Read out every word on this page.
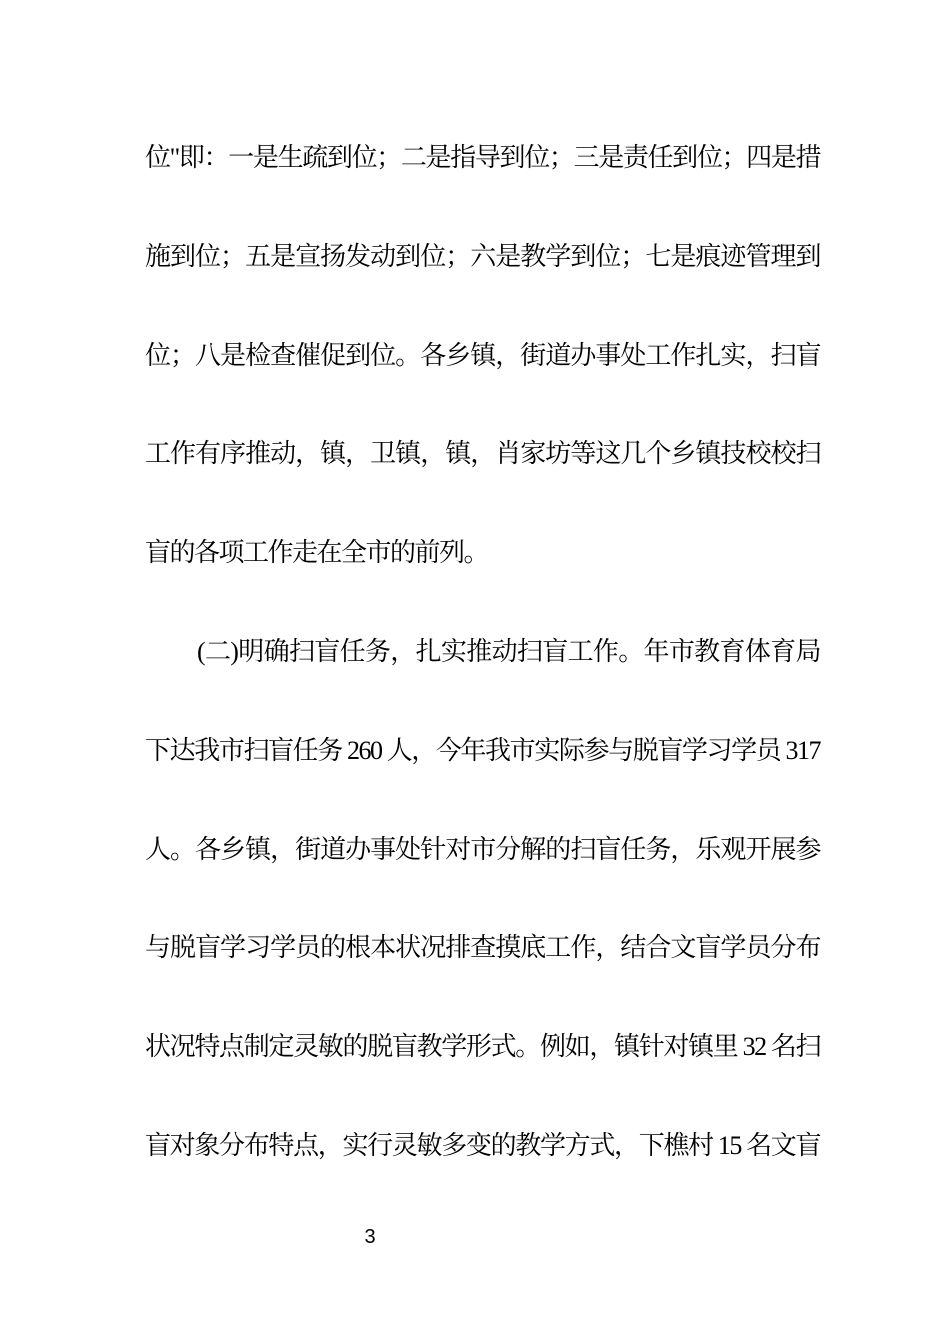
位"即：一是生疏到位；二是指导到位；三是责任到位；四是措
施到位；五是宣扬发动到位；六是教学到位；七是痕迹管理到
位；八是检查催促到位。各乡镇，街道办事处工作扎实，扫盲
工作有序推动，镇，卫镇，镇，肖家坊等这几个乡镇技校校扫
盲的各项工作走在全市的前列。
(二)明确扫盲任务，扎实推动扫盲工作。年市教育体育局
下达我市扫盲任务 260 人，今年我市实际参与脱盲学习学员 317
人。各乡镇，街道办事处针对市分解的扫盲任务，乐观开展参
与脱盲学习学员的根本状况排查摸底工作，结合文盲学员分布
状况特点制定灵敏的脱盲教学形式。例如，镇针对镇里 32 名扫
盲对象分布特点，实行灵敏多变的教学方式，下樵村 15 名文盲
3
